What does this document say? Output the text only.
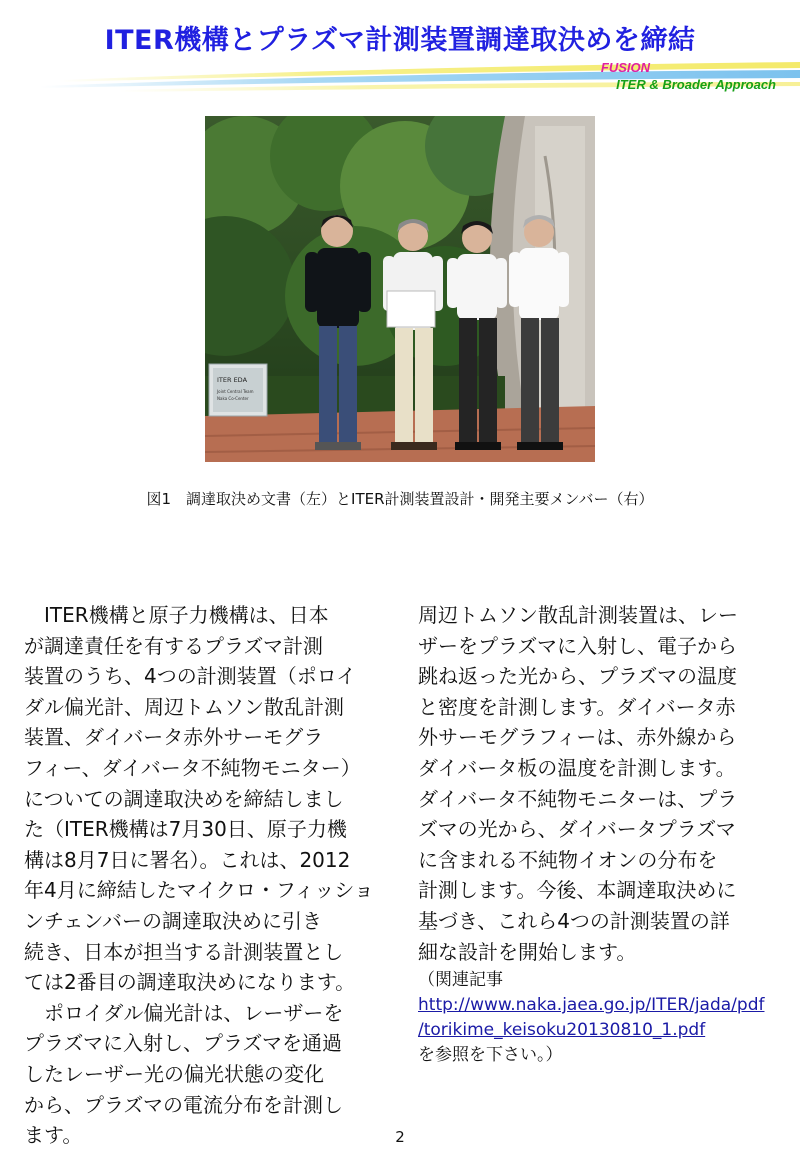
ITER機構とプラズマ計測装置調達取決めを締結
FUSION
ITER & Broader Approach
ITER EDA
Joint Central Team
Naka Co-Center
図1　調達取決め文書（左）とITER計測装置設計・開発主要メンバー（右）
　ITER機構と原子力機構は、日本
が調達責任を有するプラズマ計測
装置のうち、4つの計測装置（ポロイ
ダル偏光計、周辺トムソン散乱計測
装置、ダイバータ赤外サーモグラ
フィー、ダイバータ不純物モニター）
についての調達取決めを締結しまし
た（ITER機構は7月30日、原子力機
構は8月7日に署名）。これは、2012
年4月に締結したマイクロ・フィッショ
ンチェンバーの調達取決めに引き
続き、日本が担当する計測装置とし
ては2番目の調達取決めになります。
　ポロイダル偏光計は、レーザーを
プラズマに入射し、プラズマを通過
したレーザー光の偏光状態の変化
から、プラズマの電流分布を計測し
ます。
周辺トムソン散乱計測装置は、レー
ザーをプラズマに入射し、電子から
跳ね返った光から、プラズマの温度
と密度を計測します。ダイバータ赤
外サーモグラフィーは、赤外線から
ダイバータ板の温度を計測します。
ダイバータ不純物モニターは、プラ
ズマの光から、ダイバータプラズマ
に含まれる不純物イオンの分布を
計測します。今後、本調達取決めに
基づき、これら4つの計測装置の詳
細な設計を開始します。
（関連記事
http://www.naka.jaea.go.jp/ITER/jada/pdf
/torikime_keisoku20130810_1.pdf
を参照を下さい。）
2
